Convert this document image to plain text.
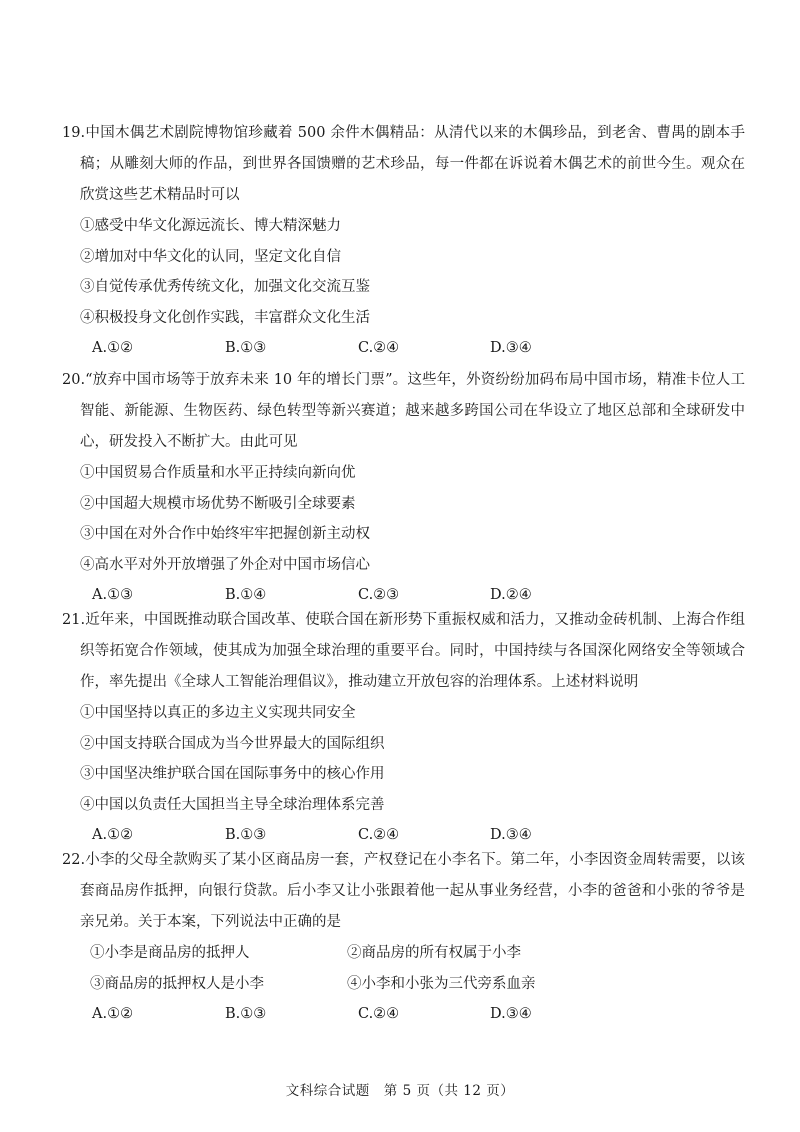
19.中国木偶艺术剧院博物馆珍藏着 500 余件木偶精品：从清代以来的木偶珍品，到老舍、曹禺的剧本手稿；从雕刻大师的作品，到世界各国馈赠的艺术珍品，每一件都在诉说着木偶艺术的前世今生。观众在欣赏这些艺术精品时可以

①感受中华文化源远流长、博大精深魅力

②增加对中华文化的认同，坚定文化自信

③自觉传承优秀传统文化，加强文化交流互鉴

④积极投身文化创作实践，丰富群众文化生活

A.①②	B.①③	C.②④	D.③④

20.“放弃中国市场等于放弃未来 10 年的增长门票”。这些年，外资纷纷加码布局中国市场，精准卡位人工智能、新能源、生物医药、绿色转型等新兴赛道；越来越多跨国公司在华设立了地区总部和全球研发中心，研发投入不断扩大。由此可见

①中国贸易合作质量和水平正持续向新向优

②中国超大规模市场优势不断吸引全球要素

③中国在对外合作中始终牢牢把握创新主动权

④高水平对外开放增强了外企对中国市场信心

A.①③	B.①④	C.②③	D.②④

21.近年来，中国既推动联合国改革、使联合国在新形势下重振权威和活力，又推动金砖机制、上海合作组织等拓宽合作领域，使其成为加强全球治理的重要平台。同时，中国持续与各国深化网络安全等领域合作，率先提出《全球人工智能治理倡议》，推动建立开放包容的治理体系。上述材料说明

①中国坚持以真正的多边主义实现共同安全

②中国支持联合国成为当今世界最大的国际组织

③中国坚决维护联合国在国际事务中的核心作用

④中国以负责任大国担当主导全球治理体系完善

A.①②	B.①③	C.②④	D.③④

22.小李的父母全款购买了某小区商品房一套，产权登记在小李名下。第二年，小李因资金周转需要，以该套商品房作抵押，向银行贷款。后小李又让小张跟着他一起从事业务经营，小李的爸爸和小张的爷爷是亲兄弟。关于本案，下列说法中正确的是

①小李是商品房的抵押人	②商品房的所有权属于小李
③商品房的抵押权人是小李	④小李和小张为三代旁系血亲
A.①②	B.①③	C.②④	D.③④
文科综合试题　第 5 页（共 12 页）
